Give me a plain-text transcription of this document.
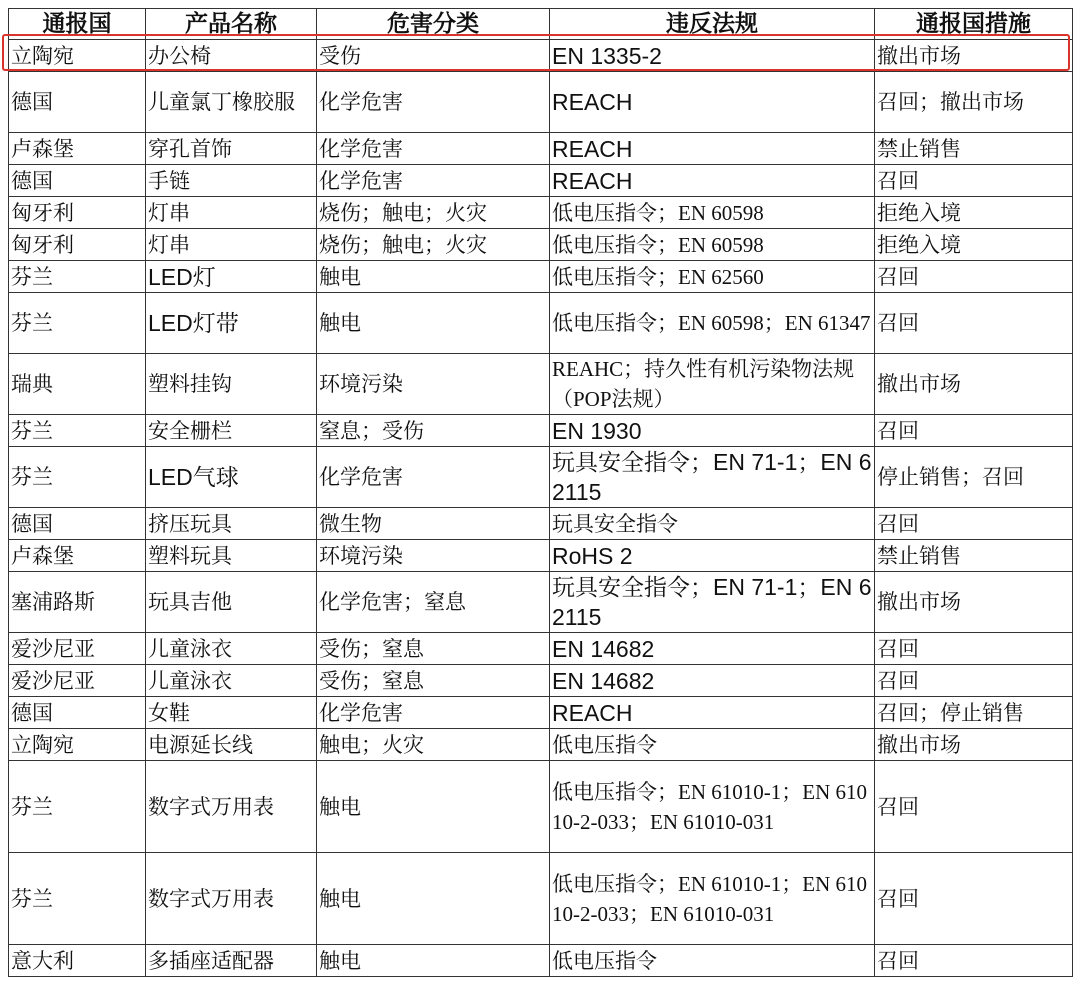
通报国	产品名称	危害分类	违反法规	通报国措施
立陶宛	办公椅	受伤	EN 1335-2	撤出市场
德国	儿童氯丁橡胶服	化学危害	REACH	召回；撤出市场
卢森堡	穿孔首饰	化学危害	REACH	禁止销售
德国	手链	化学危害	REACH	召回
匈牙利	灯串	烧伤；触电；火灾	低电压指令；EN 60598	拒绝入境
匈牙利	灯串	烧伤；触电；火灾	低电压指令；EN 60598	拒绝入境
芬兰	LED灯	触电	低电压指令；EN 62560	召回
芬兰	LED灯带	触电	低电压指令；EN 60598；EN 61347	召回
瑞典	塑料挂钩	环境污染	REAHC；持久性有机污染物法规（POP法规）	撤出市场
芬兰	安全栅栏	窒息；受伤	EN 1930	召回
芬兰	LED气球	化学危害	玩具安全指令；EN 71-1；EN 62115	停止销售；召回
德国	挤压玩具	微生物	玩具安全指令	召回
卢森堡	塑料玩具	环境污染	RoHS 2	禁止销售
塞浦路斯	玩具吉他	化学危害；窒息	玩具安全指令；EN 71-1；EN 62115	撤出市场
爱沙尼亚	儿童泳衣	受伤；窒息	EN 14682	召回
爱沙尼亚	儿童泳衣	受伤；窒息	EN 14682	召回
德国	女鞋	化学危害	REACH	召回；停止销售
立陶宛	电源延长线	触电；火灾	低电压指令	撤出市场
芬兰	数字式万用表	触电	低电压指令；EN 61010-1；EN 61010-2-033；EN 61010-031	召回
芬兰	数字式万用表	触电	低电压指令；EN 61010-1；EN 61010-2-033；EN 61010-031	召回
意大利	多插座适配器	触电	低电压指令	召回
